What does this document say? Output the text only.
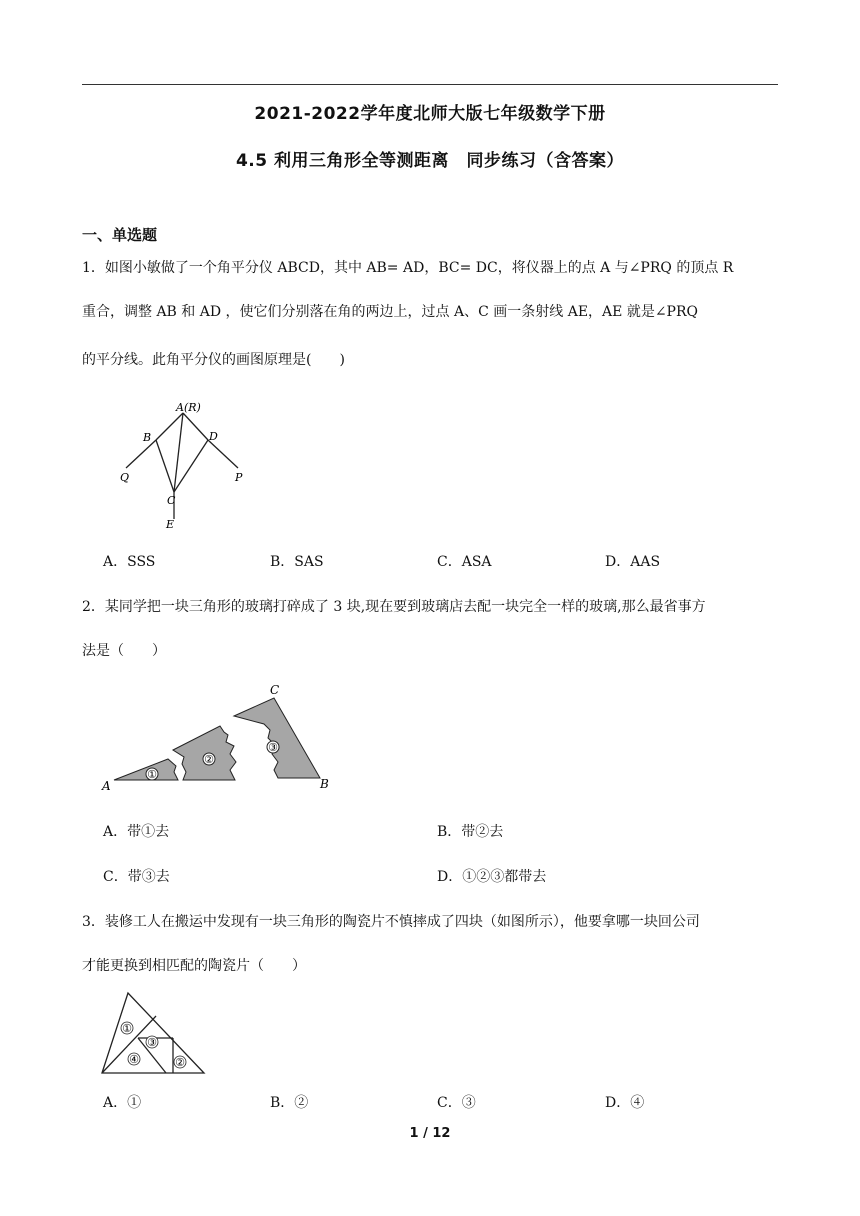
2021-2022学年度北师大版七年级数学下册
4.5 利用三角形全等测距离　同步练习（含答案）
一、单选题
1．如图小敏做了一个角平分仪 ABCD，其中 AB= AD，BC= DC，将仪器上的点 A 与∠PRQ 的顶点 R
重合，调整 AB 和 AD ，使它们分别落在角的两边上，过点 A、C 画一条射线 AE，AE 就是∠PRQ
的平分线。此角平分仪的画图原理是(　　)
A(R)
B	D
Q	P
C
E
A．SSS	B．SAS	C．ASA	D．AAS
2．某同学把一块三角形的玻璃打碎成了 3 块,现在要到玻璃店去配一块完全一样的玻璃,那么最省事方
法是（　　）
①
②
③
A	B
C
A．带①去	B．带②去
C．带③去	D．①②③都带去
3．装修工人在搬运中发现有一块三角形的陶瓷片不慎摔成了四块（如图所示），他要拿哪一块回公司
才能更换到相匹配的陶瓷片（　　）
①
③
④	②
A．①	B．②	C．③	D．④
1 / 12
